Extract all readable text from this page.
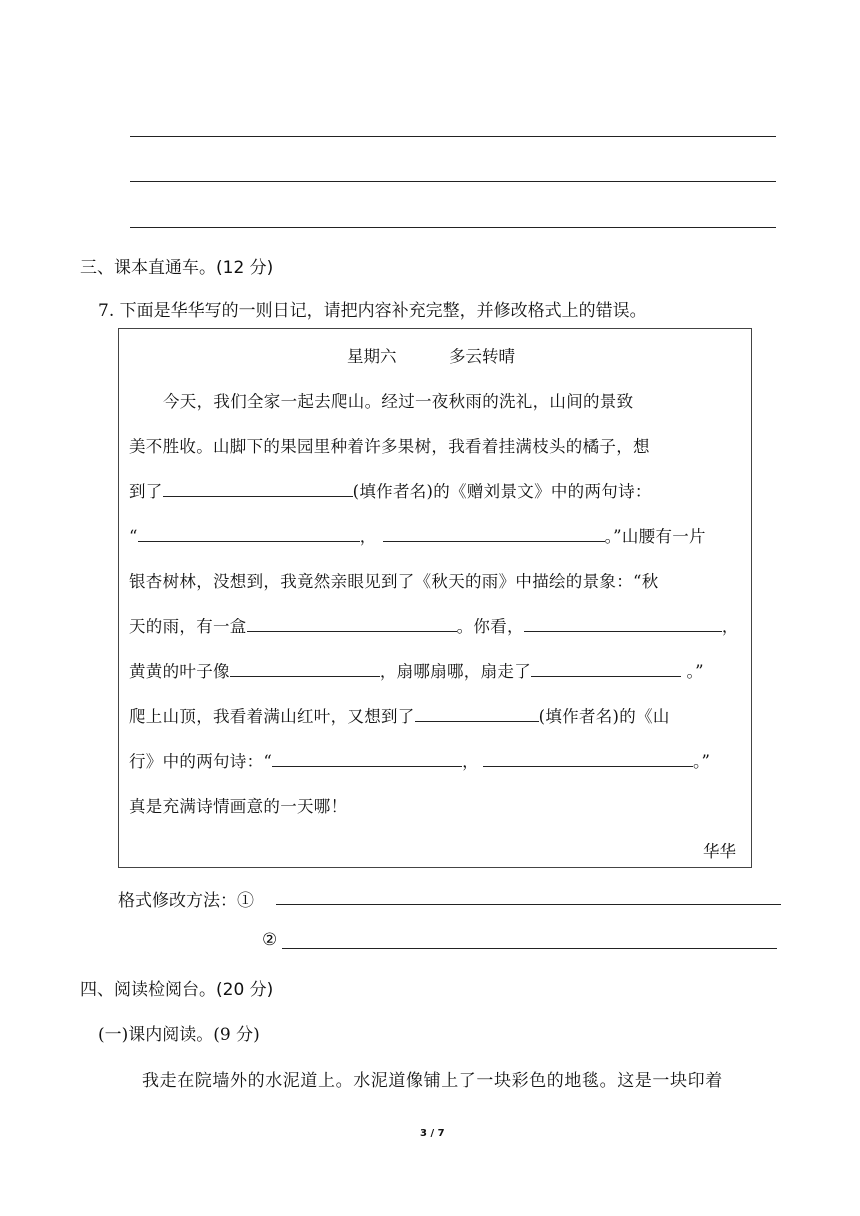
三、课本直通车。(12 分)
7. 下面是华华写的一则日记，请把内容补充完整，并修改格式上的错误。
星期六	多云转晴
今天，我们全家一起去爬山。经过一夜秋雨的洗礼，山间的景致
美不胜收。山脚下的果园里种着许多果树，我看着挂满枝头的橘子，想
到了	(填作者名)的《赠刘景文》中的两句诗：
“	，	。”山腰有一片
银杏树林，没想到，我竟然亲眼见到了《秋天的雨》中描绘的景象：“秋
天的雨，有一盒	。你看，	，
黄黄的叶子像	，扇哪扇哪，扇走了	。”
爬上山顶，我看着满山红叶，又想到了	(填作者名)的《山
行》中的两句诗：“	，	。”
真是充满诗情画意的一天哪！
华华
格式修改方法：①
②
四、阅读检阅台。(20 分)
(一)课内阅读。(9 分)
我走在院墙外的水泥道上。水泥道像铺上了一块彩色的地毯。这是一块印着
3 / 7
